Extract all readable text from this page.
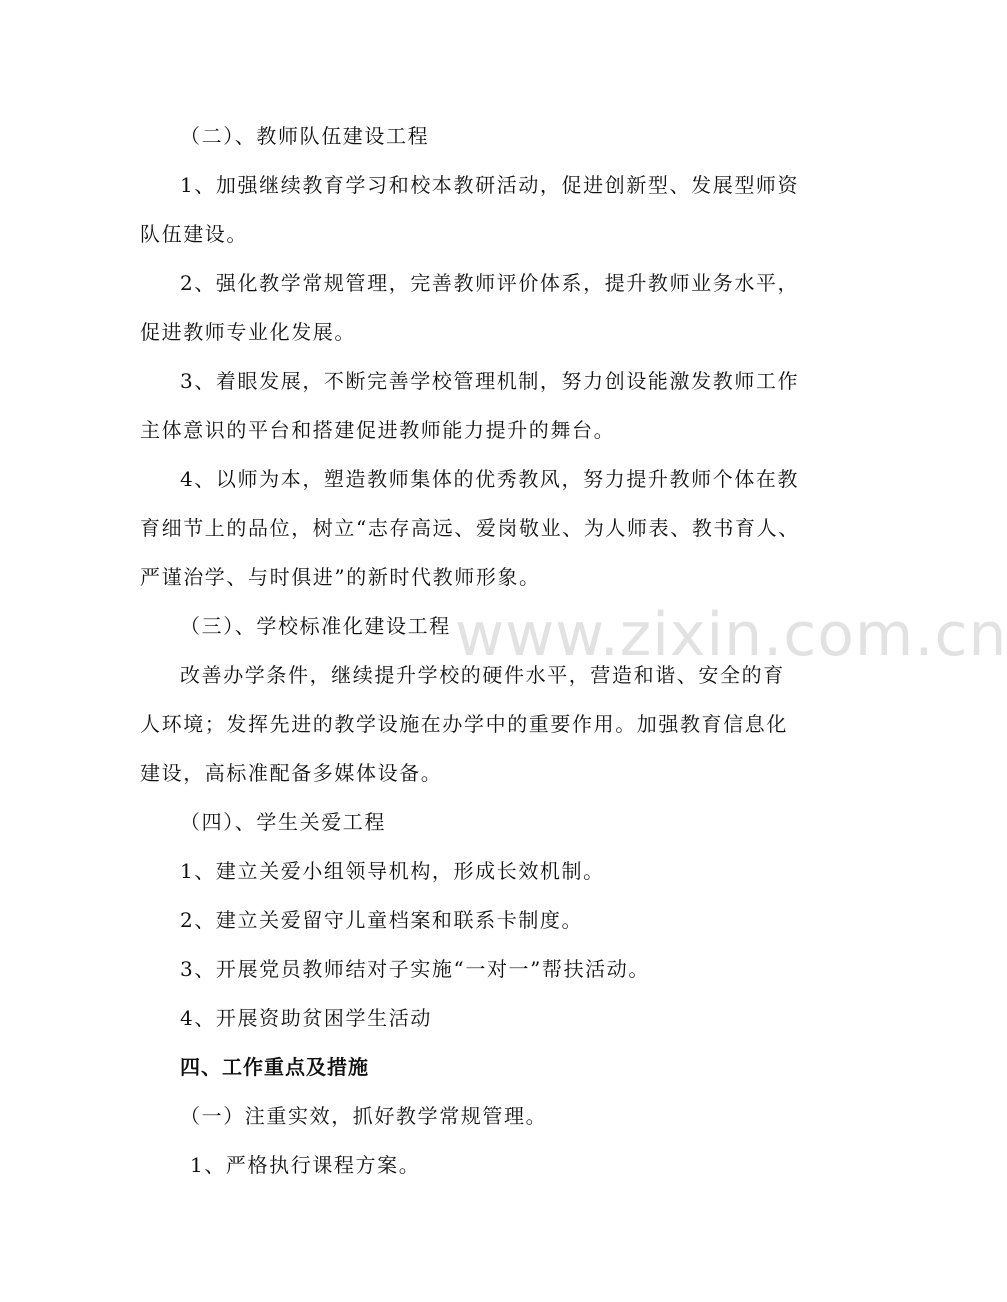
www.zixin.com.cn

（二）、教师队伍建设工程

1、加强继续教育学习和校本教研活动，促进创新型、发展型师资

队伍建设。

2、强化教学常规管理，完善教师评价体系，提升教师业务水平，

促进教师专业化发展。

3、着眼发展，不断完善学校管理机制，努力创设能激发教师工作

主体意识的平台和搭建促进教师能力提升的舞台。

4、以师为本，塑造教师集体的优秀教风，努力提升教师个体在教

育细节上的品位，树立“志存高远、爱岗敬业、为人师表、教书育人、

严谨治学、与时俱进”的新时代教师形象。

（三）、学校标准化建设工程

改善办学条件，继续提升学校的硬件水平，营造和谐、安全的育

人环境；发挥先进的教学设施在办学中的重要作用。加强教育信息化

建设，高标准配备多媒体设备。

（四）、学生关爱工程

1、建立关爱小组领导机构，形成长效机制。

2、建立关爱留守儿童档案和联系卡制度。

3、开展党员教师结对子实施“一对一”帮扶活动。

4、开展资助贫困学生活动

四、工作重点及措施

（一）注重实效，抓好教学常规管理。

1、严格执行课程方案。
